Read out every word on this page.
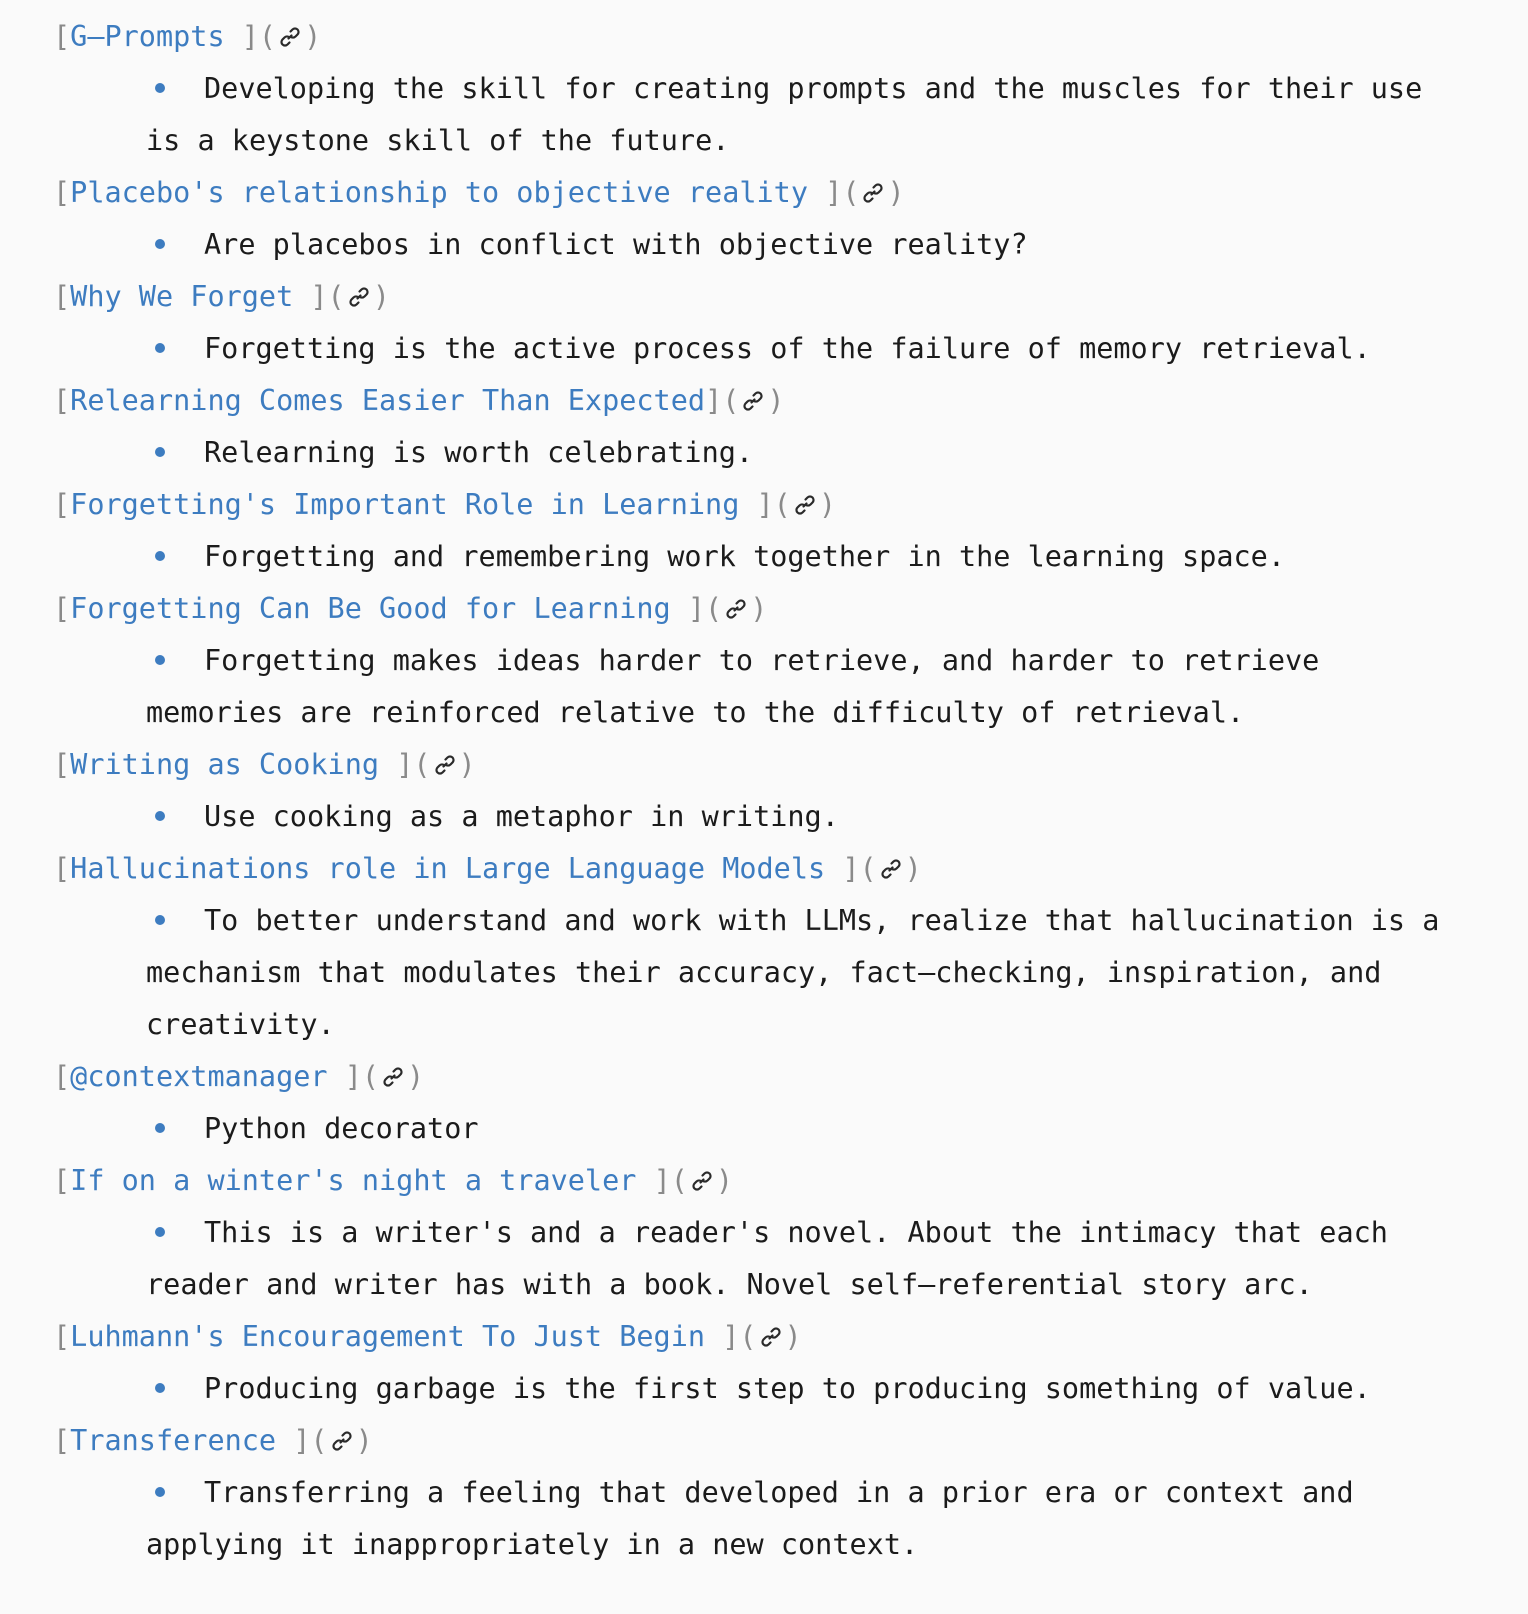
[G–Prompts ]( )
Developing the skill for creating prompts and the muscles for their use is a keystone skill of the future.
[Placebo's relationship to objective reality ]( )
Are placebos in conflict with objective reality?
[Why We Forget ]( )
Forgetting is the active process of the failure of memory retrieval.
[Relearning Comes Easier Than Expected]( )
Relearning is worth celebrating.
[Forgetting's Important Role in Learning ]( )
Forgetting and remembering work together in the learning space.
[Forgetting Can Be Good for Learning ]( )
Forgetting makes ideas harder to retrieve, and harder to retrieve memories are reinforced relative to the difficulty of retrieval.
[Writing as Cooking ]( )
Use cooking as a metaphor in writing.
[Hallucinations role in Large Language Models ]( )
To better understand and work with LLMs, realize that hallucination is a mechanism that modulates their accuracy, fact–checking, inspiration, and creativity.
[@contextmanager ]( )
Python decorator
[If on a winter's night a traveler ]( )
This is a writer's and a reader's novel. About the intimacy that each reader and writer has with a book. Novel self–referential story arc.
[Luhmann's Encouragement To Just Begin ]( )
Producing garbage is the first step to producing something of value.
[Transference ]( )
Transferring a feeling that developed in a prior era or context and applying it inappropriately in a new context.
